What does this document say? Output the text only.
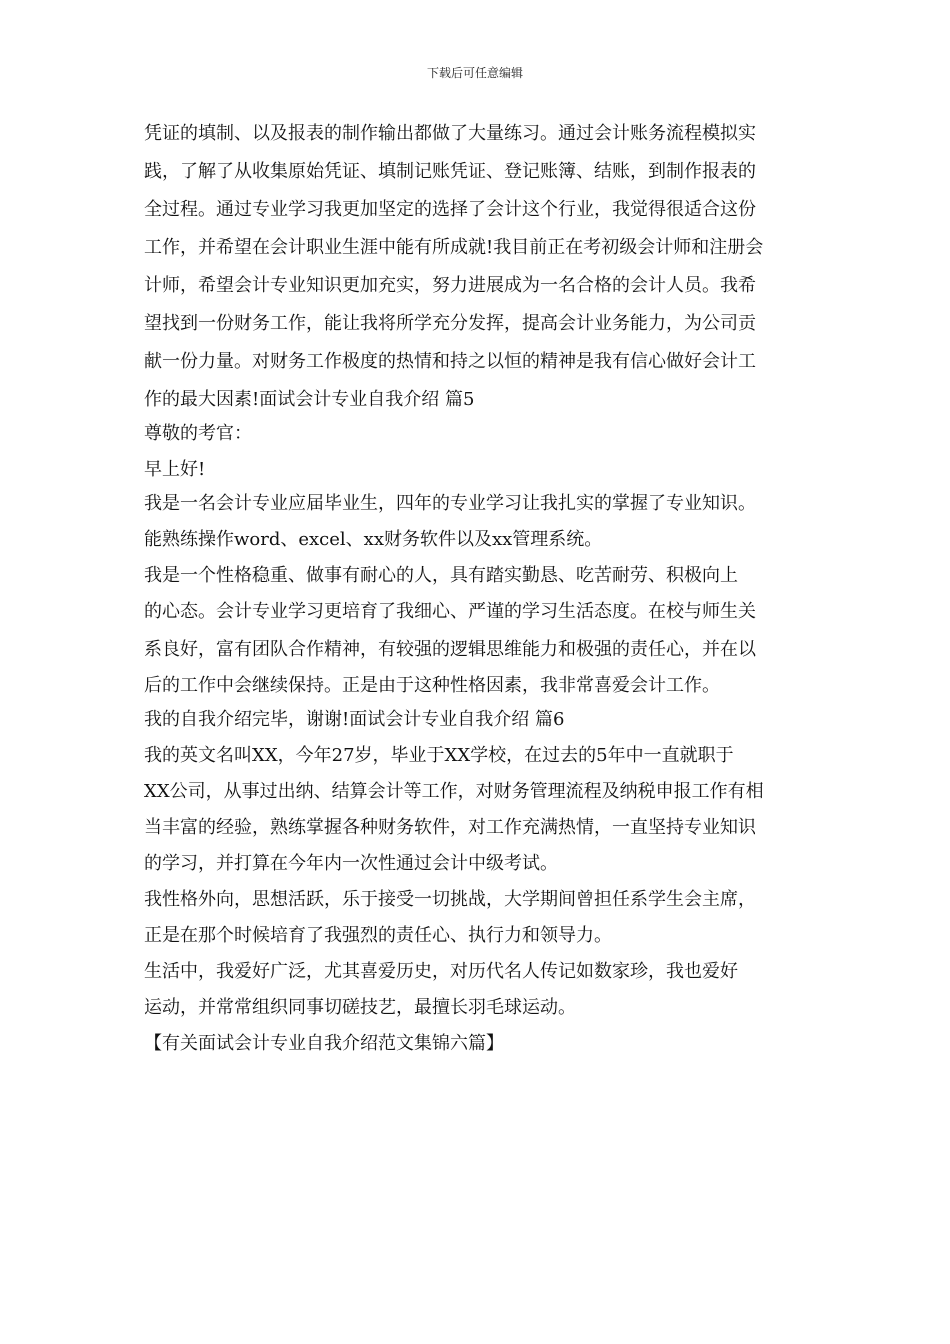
下载后可任意编辑
凭证的填制、以及报表的制作输出都做了大量练习。通过会计账务流程模拟实
践，了解了从收集原始凭证、填制记账凭证、登记账簿、结账，到制作报表的
全过程。通过专业学习我更加坚定的选择了会计这个行业，我觉得很适合这份
工作，并希望在会计职业生涯中能有所成就!我目前正在考初级会计师和注册会
计师，希望会计专业知识更加充实，努力进展成为一名合格的会计人员。我希
望找到一份财务工作，能让我将所学充分发挥，提高会计业务能力，为公司贡
献一份力量。对财务工作极度的热情和持之以恒的精神是我有信心做好会计工
作的最大因素!面试会计专业自我介绍 篇5
尊敬的考官：
早上好!
我是一名会计专业应届毕业生，四年的专业学习让我扎实的掌握了专业知识。
能熟练操作word、excel、xx财务软件以及xx管理系统。
我是一个性格稳重、做事有耐心的人，具有踏实勤恳、吃苦耐劳、积极向上
的心态。会计专业学习更培育了我细心、严谨的学习生活态度。在校与师生关
系良好，富有团队合作精神，有较强的逻辑思维能力和极强的责任心，并在以
后的工作中会继续保持。正是由于这种性格因素，我非常喜爱会计工作。
我的自我介绍完毕，谢谢!面试会计专业自我介绍 篇6
我的英文名叫XX，今年27岁，毕业于XX学校，在过去的5年中一直就职于
XX公司，从事过出纳、结算会计等工作，对财务管理流程及纳税申报工作有相
当丰富的经验，熟练掌握各种财务软件，对工作充满热情，一直坚持专业知识
的学习，并打算在今年内一次性通过会计中级考试。
我性格外向，思想活跃，乐于接受一切挑战，大学期间曾担任系学生会主席，
正是在那个时候培育了我强烈的责任心、执行力和领导力。
生活中，我爱好广泛，尤其喜爱历史，对历代名人传记如数家珍，我也爱好
运动，并常常组织同事切磋技艺，最擅长羽毛球运动。
【有关面试会计专业自我介绍范文集锦六篇】
